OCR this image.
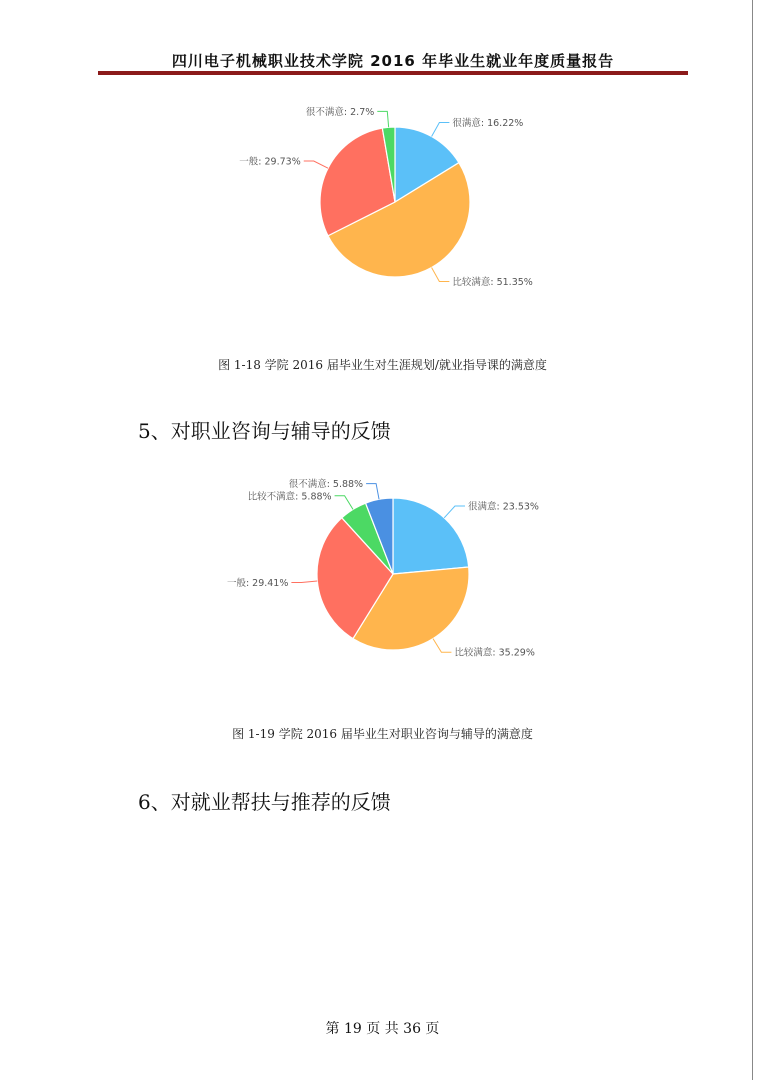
四川电子机械职业技术学院 2016 年毕业生就业年度质量报告
很满意: 16.22%
比较满意: 51.35%
一般: 29.73%
很不满意: 2.7%
图 1-18 学院 2016 届毕业生对生涯规划/就业指导课的满意度
5、对职业咨询与辅导的反馈
很满意: 23.53%
比较满意: 35.29%
一般: 29.41%
比较不满意: 5.88%
很不满意: 5.88%
图 1-19 学院 2016 届毕业生对职业咨询与辅导的满意度
6、对就业帮扶与推荐的反馈
第 19 页 共 36 页
